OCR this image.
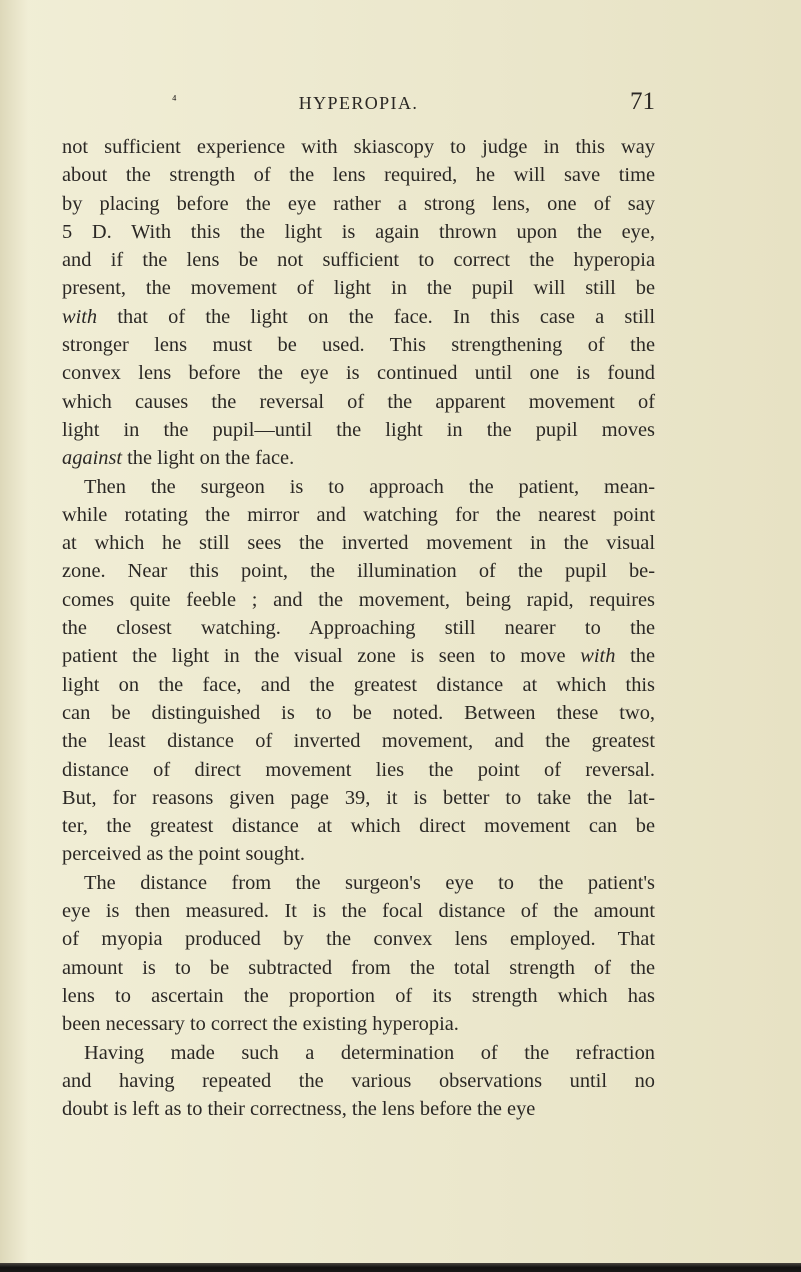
⁴	HYPEROPIA.	71
not sufficient experience with skiascopy to judge in this way
about the strength of the lens required, he will save time
by placing before the eye rather a strong lens, one of say
5 D. With this the light is again thrown upon the eye,
and if the lens be not sufficient to correct the hyperopia
present, the movement of light in the pupil will still be
with that of the light on the face. In this case a still
stronger lens must be used. This strengthening of the
convex lens before the eye is continued until one is found
which causes the reversal of the apparent movement of
light in the pupil—until the light in the pupil moves
against the light on the face.
Then the surgeon is to approach the patient, mean-
while rotating the mirror and watching for the nearest point
at which he still sees the inverted movement in the visual
zone. Near this point, the illumination of the pupil be-
comes quite feeble ; and the movement, being rapid, requires
the closest watching. Approaching still nearer to the
patient the light in the visual zone is seen to move with the
light on the face, and the greatest distance at which this
can be distinguished is to be noted. Between these two,
the least distance of inverted movement, and the greatest
distance of direct movement lies the point of reversal.
But, for reasons given page 39, it is better to take the lat-
ter, the greatest distance at which direct movement can be
perceived as the point sought.
The distance from the surgeon's eye to the patient's
eye is then measured. It is the focal distance of the amount
of myopia produced by the convex lens employed. That
amount is to be subtracted from the total strength of the
lens to ascertain the proportion of its strength which has
been necessary to correct the existing hyperopia.
Having made such a determination of the refraction
and having repeated the various observations until no
doubt is left as to their correctness, the lens before the eye
